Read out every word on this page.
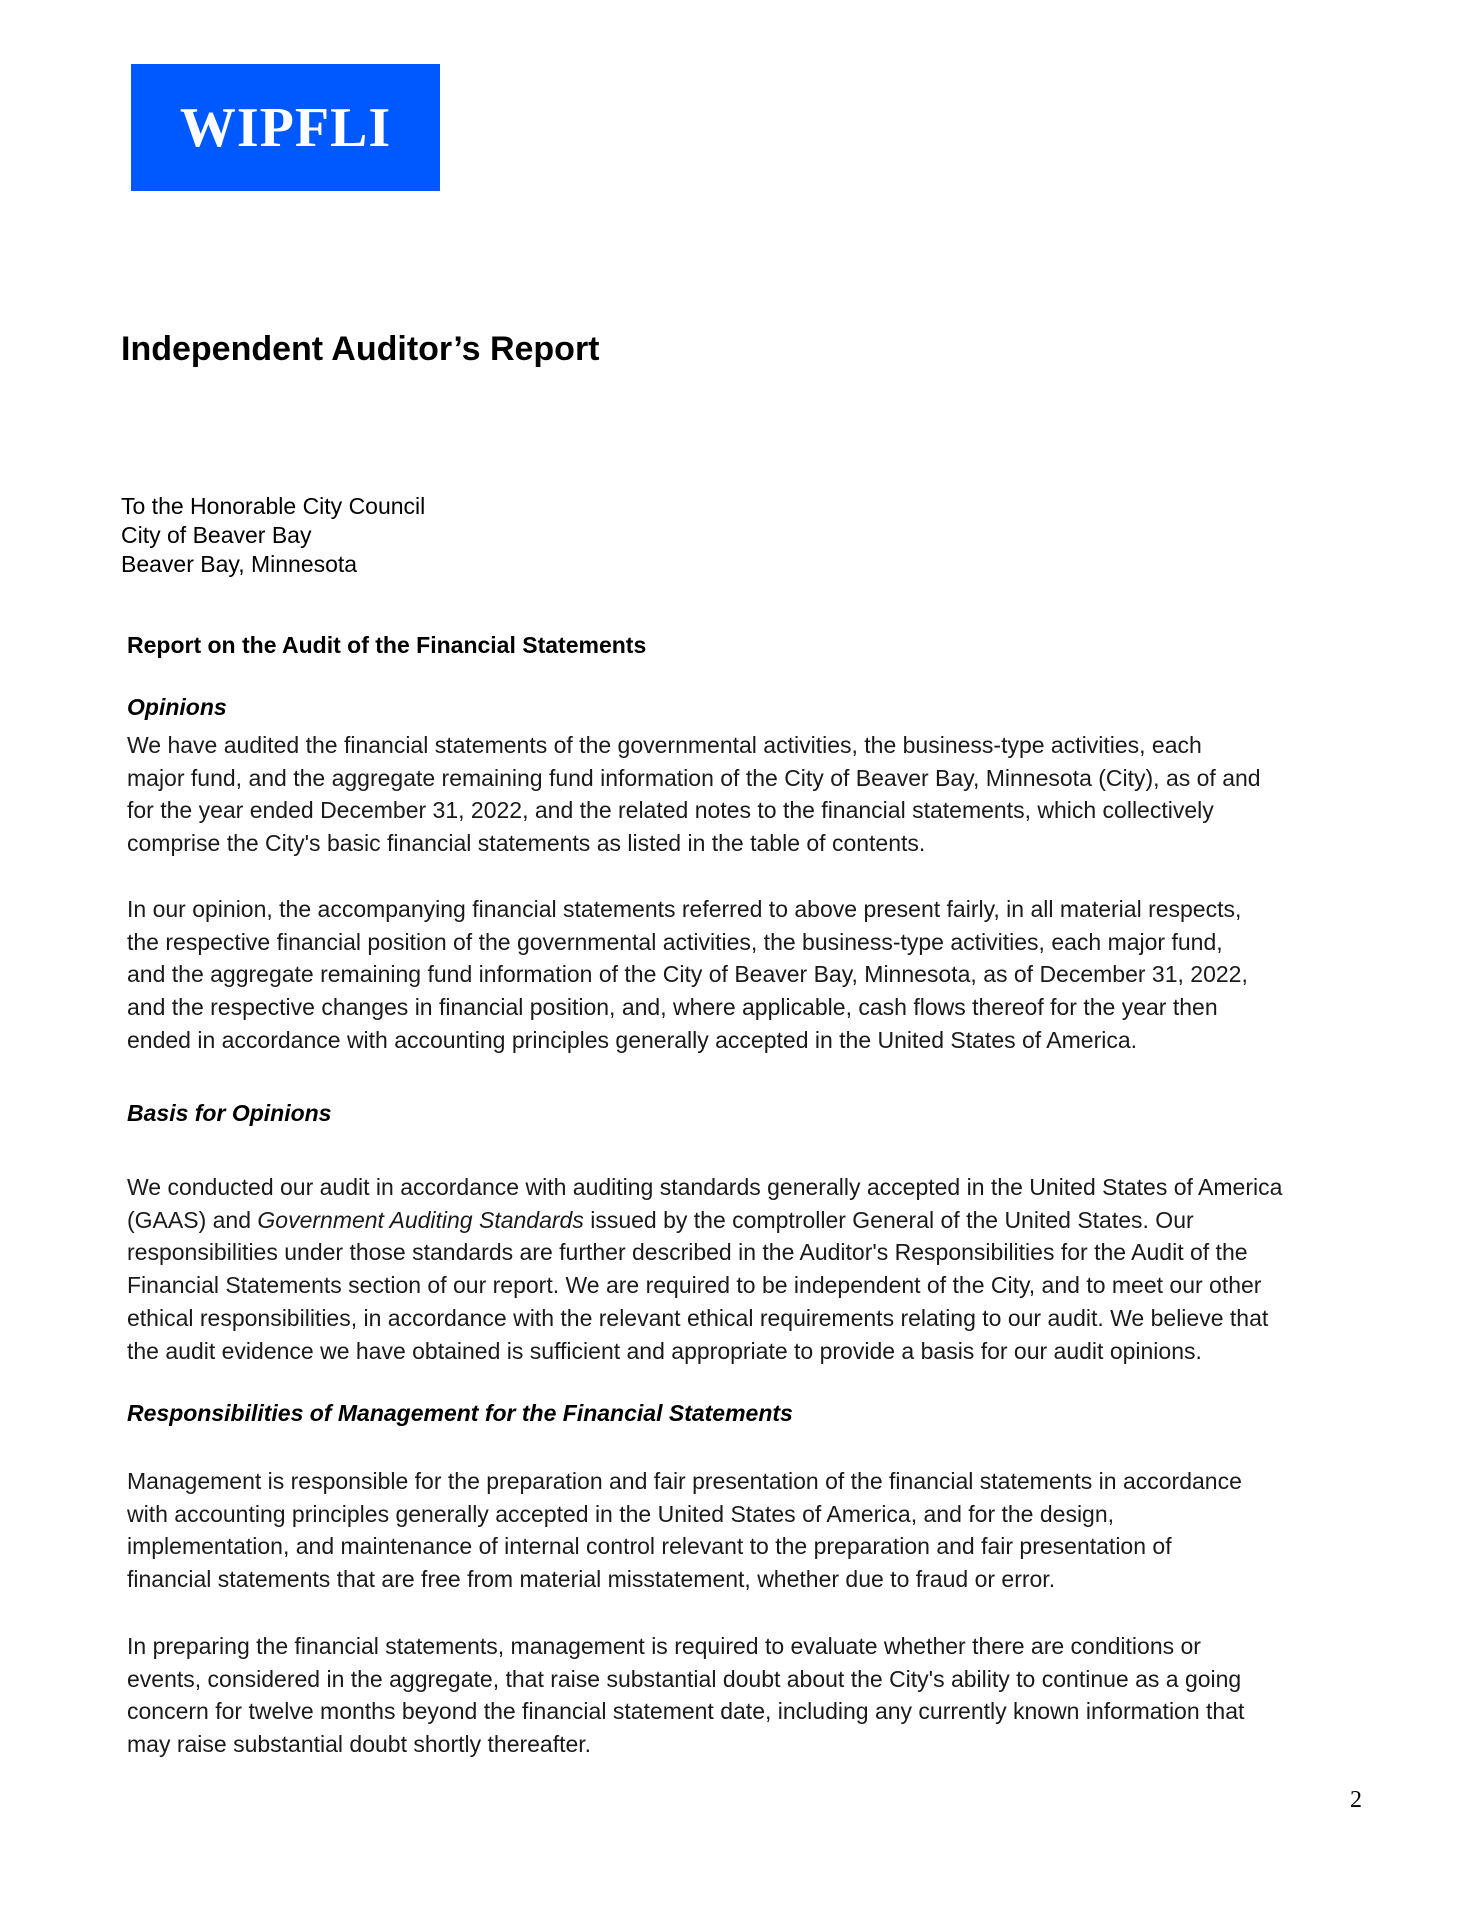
WIPFLI
Independent Auditor’s Report
To the Honorable City Council
City of Beaver Bay
Beaver Bay, Minnesota
Report on the Audit of the Financial Statements
Opinions

We have audited the financial statements of the governmental activities, the business-type activities, each
major fund, and the aggregate remaining fund information of the City of Beaver Bay, Minnesota (City), as of and
for the year ended December 31, 2022, and the related notes to the financial statements, which collectively
comprise the City's basic financial statements as listed in the table of contents.

In our opinion, the accompanying financial statements referred to above present fairly, in all material respects,
the respective financial position of the governmental activities, the business-type activities, each major fund,
and the aggregate remaining fund information of the City of Beaver Bay, Minnesota, as of December 31, 2022,
and the respective changes in financial position, and, where applicable, cash flows thereof for the year then
ended in accordance with accounting principles generally accepted in the United States of America.

Basis for Opinions

We conducted our audit in accordance with auditing standards generally accepted in the United States of America
(GAAS) and Government Auditing Standards issued by the comptroller General of the United States. Our
responsibilities under those standards are further described in the Auditor's Responsibilities for the Audit of the
Financial Statements section of our report. We are required to be independent of the City, and to meet our other
ethical responsibilities, in accordance with the relevant ethical requirements relating to our audit. We believe that
the audit evidence we have obtained is sufficient and appropriate to provide a basis for our audit opinions.

Responsibilities of Management for the Financial Statements

Management is responsible for the preparation and fair presentation of the financial statements in accordance
with accounting principles generally accepted in the United States of America, and for the design,
implementation, and maintenance of internal control relevant to the preparation and fair presentation of
financial statements that are free from material misstatement, whether due to fraud or error.

In preparing the financial statements, management is required to evaluate whether there are conditions or
events, considered in the aggregate, that raise substantial doubt about the City's ability to continue as a going
concern for twelve months beyond the financial statement date, including any currently known information that
may raise substantial doubt shortly thereafter.

2
